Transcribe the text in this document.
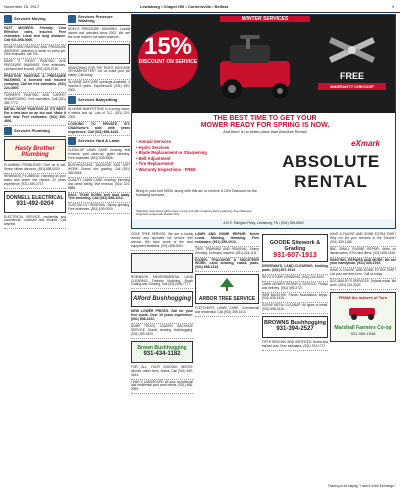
November 15, 2017	Lewisburg • Chapel Hill • Cornersville • Belfast	9
Services Moving
FAST MOVERS: Friendly Cost Effective rates. Insured. Free estimates. Local and long distance. Call 931-698-0000.
HOMETOWN PAINTING AND PRESSURE WASHING: Attention to detail on every job. Free estimates, call Tim.
MAKE IT RIGHT PAINTING AND PRESSURE WASHING: Free estimates. Licensed and insured. (931) 639-9746.
PRESTIGE PAINTING & PRESSURE WASHING, a licensed and insured company. Call for free estimates. (931) 224-4000.
TURNER'S PAINTING AND CARPET SHAMPOOING. Free estimates. Call (931) 359-7773.
METAL ROOF PAINTING AT ITS BEST. For a new face on an old roof. Make it look new. Free estimates. (931) 359-4891.
Services Plumbing
Hasty Brother Plumbing
PLUMBING PROBLEMS? Give us a call. Senior citizen discount. (931) 698-0000.
NEWMAN'S PLUMBING: Handling all your water and sewer line repairs. 20 years experience. (931) 639-2727.
DONNELL ELECTRICAL
931-492-0204
ELECTRICAL SERVICE, residential and commercial. Licensed and insured. Call anytime.
Services Pressure Washing
NOEL'S PRESSURE WASHING. Locally owned and operated since 2002. We use the most modern hot water washers.
SEARCHING FOR THE RIGHT DAYCARE OR BABYSITTER? Let us make your job easier. Call today.
IN-HOME DAYCARE openings available, 3 months-5 years. Experienced. (931) 639-0000.
Services Babysitting
IN-HOME BABYSITTING in a loving home, 6 weeks and up. Lots of TLC. (931) 224-7000.
LOOKING TO PRIVATE SIT. CNA/Nurse's aide with years experience. Call (931) 698-4444.
Services Yard & Lawn
CLEAN-UP LAWN CARE: mowing, leaf removal, yard clean-up, gutter cleaning. Free estimates. (931) 639-5555.
BUSHHOGGING, BACKHOE AND DIRT WORK: Gravel, dirt, grading. Call (931) 359-6666.
QUALITY LAWN CARE: mowing, trimming and weed eating, leaf removal. (931) 224-8888.
HALL TEAM DOWN and haul away. Tree trimming. Call (931) 698-1212.
CUSTOM LOT REMOVAL: Stump grinding. Free estimates. (931) 639-0000.
WINTER SERVICES
15%
DISCOUNT ON SERVICE
FREE
WARRANTY CHECKUP
THE BEST TIME TO GET YOUR
MOWER READY FOR SPRING IS NOW.
And there is no better place than Absolute Rental!
• Annual Services
• Hydro Services
• Blade Replacement or Sharpening
• Belt Adjustment
• Tire Replacement
• Warranty Inspections - FREE
eXmark
ABSOLUTE
RENTAL
Bring in your unit NOW, along with this ad, to receive a 15% Discount on the following services.
*Warranty inspections will be done on any unit with remaining factory warranty. Free Warranty Inspection on Exmark Models Only.
410 E. Ellington Pkwy, Lewisburg, TN • (931) 359-8500
OGLE TREE SERVICE. We are a locally owned and operated full service tree service. We have some of the best equipment available. (931) 698-0000.
ROBINSON ENVIRONMENTAL LAND CLEARING. Forestry Mulching, Brush Cutting and Clearing. Call (931) 698-7777.
Alford Bushhogging
NEW LOWER PRICES. Call for your free quote. Over 10 years experience. (931) 698-2222.
DUMP TRUCK, LOADER, BACKHOE SERVICE. Gravel, clearing, bushhogging. (931) 359-3333.
Brown Bushhogging
931-434-1182
FOR ALL YOUR DIGGING NEEDS: ditches, water lines, drains. Call (931) 639-4444.
I AND S LANDSCAPE: All your commercial and residential yard work needs. (931) 698-5050.
LAWN AND HOME REPAIR. Kevin Lewis. Mowing, trimming. Free estimates. (931) 359-1010.
TREE TRIMMING AND REMOVAL. Stump Grinding. Licensed, insured. (931) 224-1111.
DOZER, TRACKHOE & SKIDSTEER WORK. Land clearing, roads, pads. (931) 698-1313.
ARBOR TREE SERVICE
FLETCHER'S LAWN CARE: Commercial and residential. Call (931) 359-1414.
GOODE Sitework & Grading
931-607-1913
DRIVEWAYS, LAND CLEARING, building pads. (931) 607-1913.
REV'S STUMP GRINDING. (931) 224-4000.
LAWN MOWER REPAIR & SERVICE. Pickup and delivery. (931) 359-2727.
WEB BACKHOE. Ponds, foundations, septic. (931) 639-1515.
SCRAP METAL CLEANUP: All types of metal. (931) 698-1616.
BROWNS Bushhogging
931-394-2527
FIFTH FENCING AND SERVICES: Board and barbed wire. Free estimates. (931) 224-1717.
HAVE A TALENT AND SOME EXTRA TIME? Why not list your services in the Tribune? (931) 359-1188.
BBC SMALL ENGINE REPAIR: Work on lawnmowers, ATVs and tillers. (931) 698-1818.
PAINTING, REPAIRS AND MORE: We are your handyman. (931) 639-1919.
HAVE A TALENT AND SOME EXTRA TIME? List your services here. Call us today.
DOC BAILEY'S SERVICES: Drywall repair, tile work. (931) 224-2020.
FROM the makers of Toro
Marshall Farmers Co-op
931-359-1548
Thank you for saying, "I saw it in the Exchange."
